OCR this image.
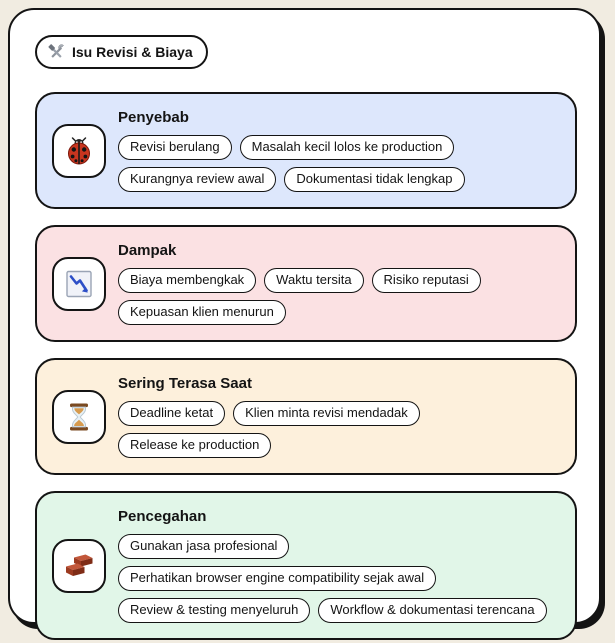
Isu Revisi & Biaya
Penyebab
Revisi berulang	Masalah kecil lolos ke production
Kurangnya review awal	Dokumentasi tidak lengkap
Dampak
Biaya membengkak	Waktu tersita	Risiko reputasi
Kepuasan klien menurun
Sering Terasa Saat
Deadline ketat	Klien minta revisi mendadak
Release ke production
Pencegahan
Gunakan jasa profesional
Perhatikan browser engine compatibility sejak awal
Review & testing menyeluruh	Workflow & dokumentasi terencana
